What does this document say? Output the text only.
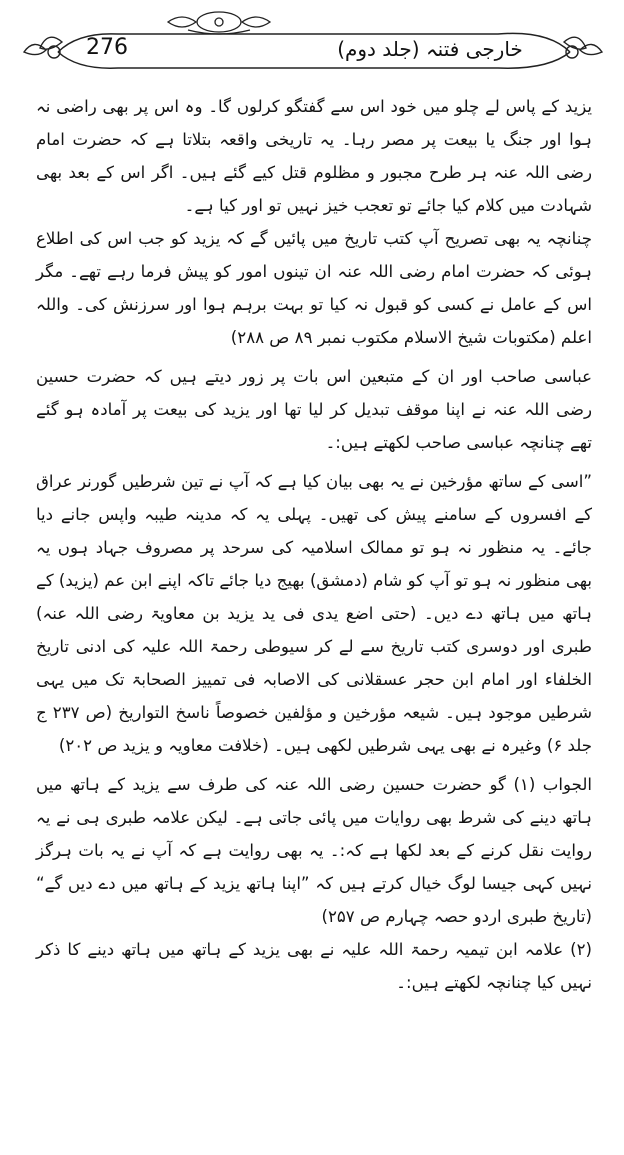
276	خارجی فتنہ (جلد دوم)

یزید کے پاس لے چلو میں خود اس سے گفتگو کرلوں گا۔ وہ اس پر بھی راضی نہ ہوا اور جنگ یا بیعت پر مصر رہا۔ یہ تاریخی واقعہ بتلاتا ہے کہ حضرت امام رضی اللہ عنہ ہر طرح مجبور و مظلوم قتل کیے گئے ہیں۔ اگر اس کے بعد بھی شہادت میں کلام کیا جائے تو تعجب خیز نہیں تو اور کیا ہے۔

چنانچہ یہ بھی تصریح آپ کتب تاریخ میں پائیں گے کہ یزید کو جب اس کی اطلاع ہوئی کہ حضرت امام رضی اللہ عنہ ان تینوں امور کو پیش فرما رہے تھے۔ مگر اس کے عامل نے کسی کو قبول نہ کیا تو بہت برہم ہوا اور سرزنش کی۔ واللہ اعلم (مکتوبات شیخ الاسلام مکتوب نمبر ۸۹ ص ۲۸۸)

عباسی صاحب اور ان کے متبعین اس بات پر زور دیتے ہیں کہ حضرت حسین رضی اللہ عنہ نے اپنا موقف تبدیل کر لیا تھا اور یزید کی بیعت پر آمادہ ہو گئے تھے چنانچہ عباسی صاحب لکھتے ہیں:۔

”اسی کے ساتھ مؤرخین نے یہ بھی بیان کیا ہے کہ آپ نے تین شرطیں گورنر عراق کے افسروں کے سامنے پیش کی تھیں۔ پہلی یہ کہ مدینہ طیبہ واپس جانے دیا جائے۔ یہ منظور نہ ہو تو ممالک اسلامیہ کی سرحد پر مصروف جہاد ہوں یہ بھی منظور نہ ہو تو آپ کو شام (دمشق) بھیج دیا جائے تاکہ اپنے ابن عم (یزید) کے ہاتھ میں ہاتھ دے دیں۔ (حتی اضع یدی فی ید یزید بن معاویۃ رضی اللہ عنہ) طبری اور دوسری کتب تاریخ سے لے کر سیوطی رحمۃ اللہ علیہ کی ادنی تاریخ الخلفاء اور امام ابن حجر عسقلانی کی الاصابہ فی تمییز الصحابۃ تک میں یہی شرطیں موجود ہیں۔ شیعہ مؤرخین و مؤلفین خصوصاً ناسخ التواریخ (ص ۲۳۷ ج جلد ۶) وغیرہ نے بھی یہی شرطیں لکھی ہیں۔ (خلافت معاویہ و یزید ص ۲۰۲)

الجواب (۱) گو حضرت حسین رضی اللہ عنہ کی طرف سے یزید کے ہاتھ میں ہاتھ دینے کی شرط بھی روایات میں پائی جاتی ہے۔ لیکن علامہ طبری ہی نے یہ روایت نقل کرنے کے بعد لکھا ہے کہ:۔ یہ بھی روایت ہے کہ آپ نے یہ بات ہرگز نہیں کہی جیسا لوگ خیال کرتے ہیں کہ ”اپنا ہاتھ یزید کے ہاتھ میں دے دیں گے“ (تاریخ طبری اردو حصہ چہارم ص ۲۵۷)

(۲) علامہ ابن تیمیہ رحمۃ اللہ علیہ نے بھی یزید کے ہاتھ میں ہاتھ دینے کا ذکر نہیں کیا چنانچہ لکھتے ہیں:۔
